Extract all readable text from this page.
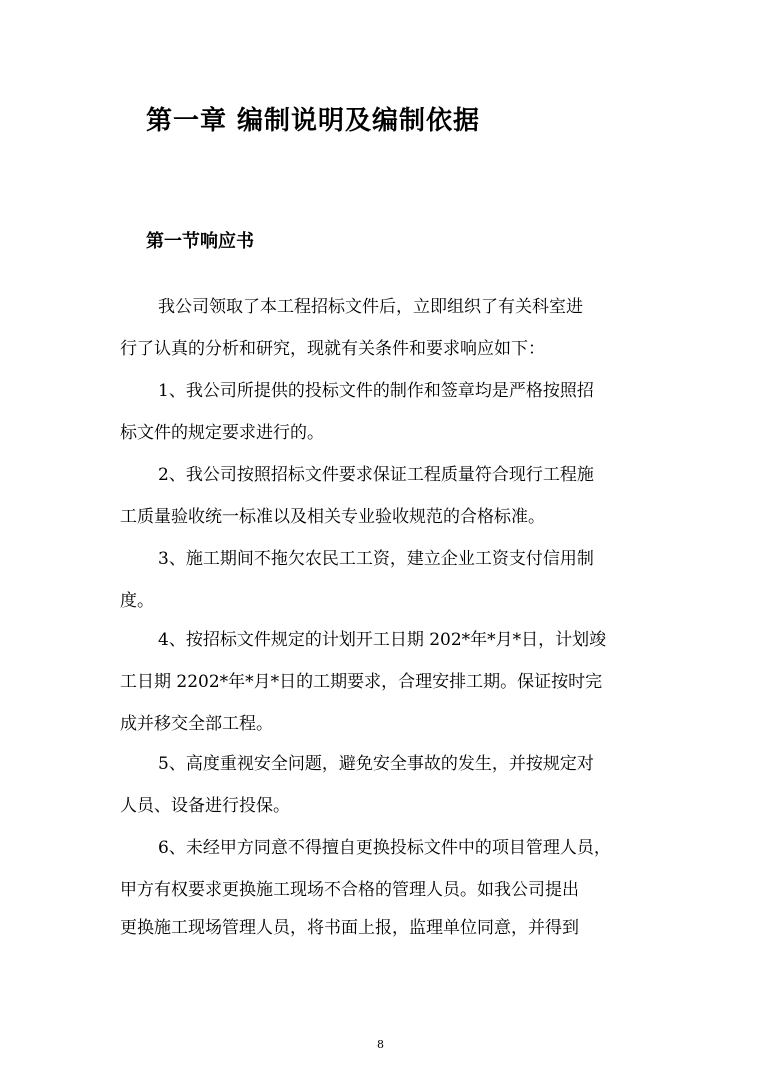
第一章 编制说明及编制依据
第一节响应书

我公司领取了本工程招标文件后，立即组织了有关科室进

行了认真的分析和研究，现就有关条件和要求响应如下：

1、我公司所提供的投标文件的制作和签章均是严格按照招

标文件的规定要求进行的。

2、我公司按照招标文件要求保证工程质量符合现行工程施

工质量验收统一标准以及相关专业验收规范的合格标准。

3、施工期间不拖欠农民工工资，建立企业工资支付信用制

度。

4、按招标文件规定的计划开工日期 202*年*月*日，计划竣

工日期 2202*年*月*日的工期要求，合理安排工期。保证按时完

成并移交全部工程。

5、高度重视安全问题，避免安全事故的发生，并按规定对

人员、设备进行投保。

6、未经甲方同意不得擅自更换投标文件中的项目管理人员，

甲方有权要求更换施工现场不合格的管理人员。如我公司提出

更换施工现场管理人员，将书面上报，监理单位同意，并得到

8
